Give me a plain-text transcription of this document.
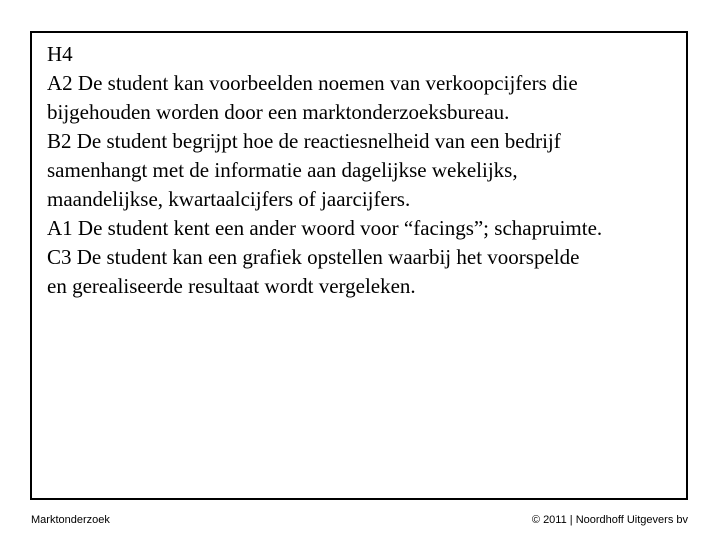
H4
A2 De student kan voorbeelden noemen van verkoopcijfers die
bijgehouden worden door een marktonderzoeksbureau.
B2 De student begrijpt hoe de reactiesnelheid van een bedrijf
samenhangt met de informatie aan dagelijkse wekelijks,
maandelijkse, kwartaalcijfers of jaarcijfers.
A1 De student kent een ander woord voor “facings”; schapruimte.
C3 De student kan een grafiek opstellen waarbij het voorspelde
en gerealiseerde resultaat wordt vergeleken.
Marktonderzoek	© 2011 | Noordhoff Uitgevers bv
